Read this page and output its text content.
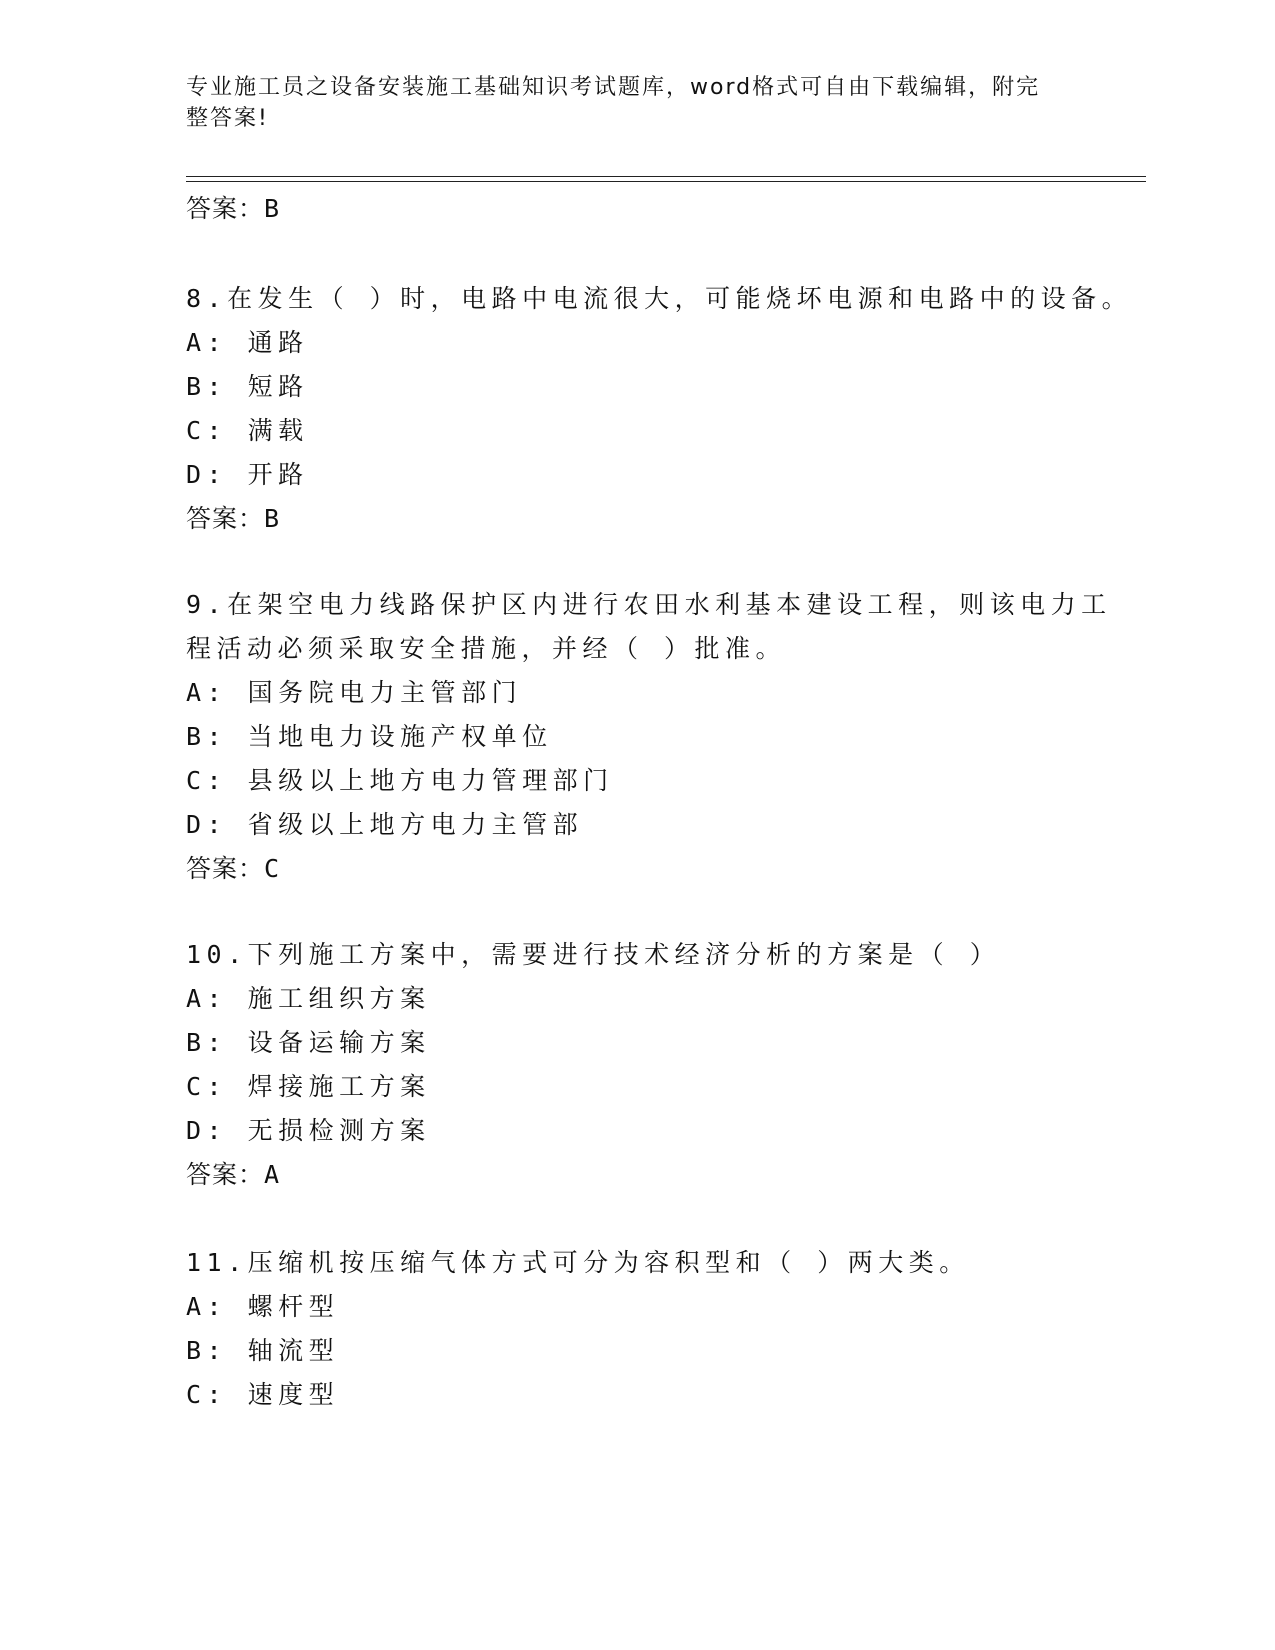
专业施工员之设备安装施工基础知识考试题库，word格式可自由下载编辑，附完
整答案!

答案：B

8.在发生（ ）时，电路中电流很大，可能烧坏电源和电路中的设备。

A: 通路

B: 短路

C: 满载

D: 开路

答案：B

9.在架空电力线路保护区内进行农田水利基本建设工程，则该电力工

程活动必须采取安全措施，并经（ ）批准。

A: 国务院电力主管部门

B: 当地电力设施产权单位

C: 县级以上地方电力管理部门

D: 省级以上地方电力主管部

答案：C

10.下列施工方案中，需要进行技术经济分析的方案是（ ）

A: 施工组织方案

B: 设备运输方案

C: 焊接施工方案

D: 无损检测方案

答案：A

11.压缩机按压缩气体方式可分为容积型和（ ）两大类。

A: 螺杆型

B: 轴流型

C: 速度型
